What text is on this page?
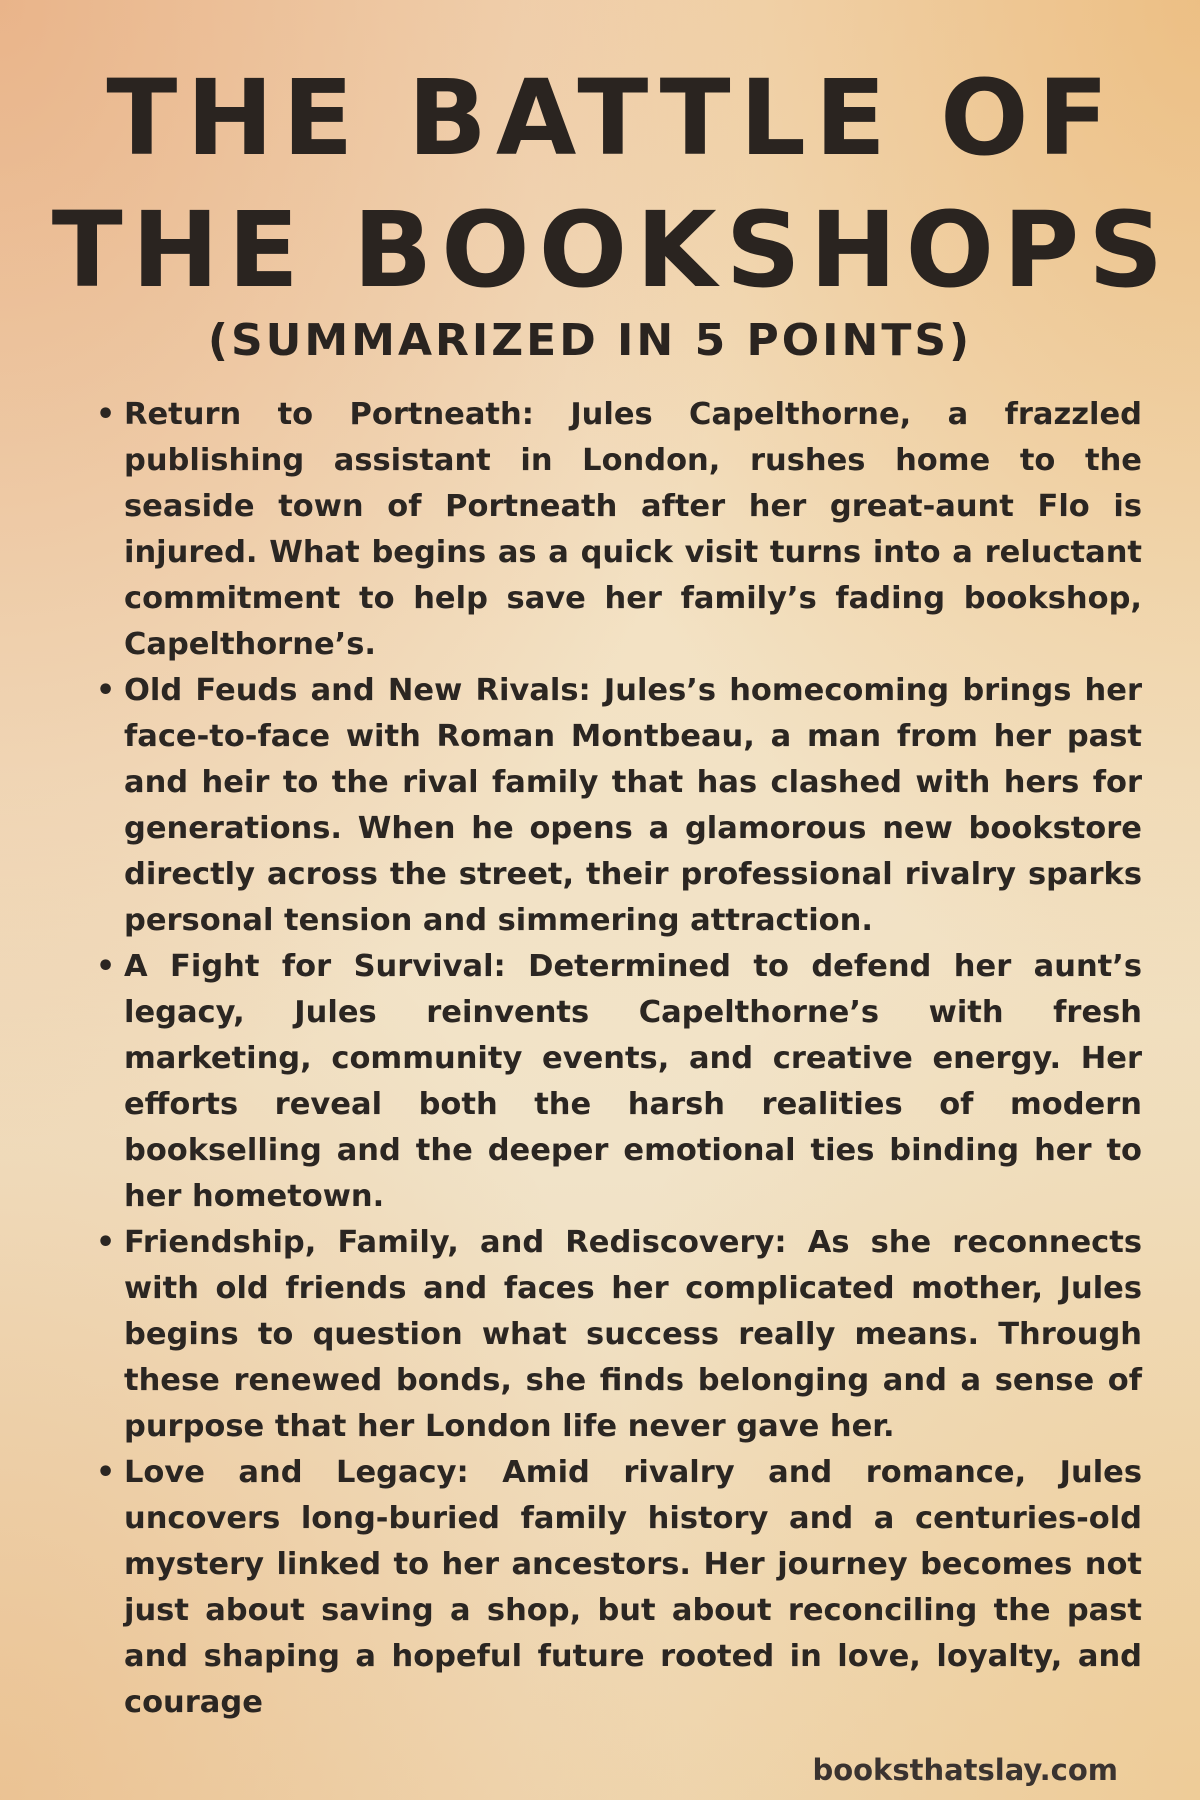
THE BATTLE OF
THE BOOKSHOPS
(SUMMARIZED IN 5 POINTS)
• Return to Portneath: Jules Capelthorne, a frazzled publishing assistant in London, rushes home to the seaside town of Portneath after her great-aunt Flo is injured. What begins as a quick visit turns into a reluctant commitment to help save her family’s fading bookshop, Capelthorne’s.
• Old Feuds and New Rivals: Jules’s homecoming brings her face-to-face with Roman Montbeau, a man from her past and heir to the rival family that has clashed with hers for generations. When he opens a glamorous new bookstore directly across the street, their professional rivalry sparks personal tension and simmering attraction.
• A Fight for Survival: Determined to defend her aunt’s legacy, Jules reinvents Capelthorne’s with fresh marketing, community events, and creative energy. Her efforts reveal both the harsh realities of modern bookselling and the deeper emotional ties binding her to her hometown.
• Friendship, Family, and Rediscovery: As she reconnects with old friends and faces her complicated mother, Jules begins to question what success really means. Through these renewed bonds, she finds belonging and a sense of purpose that her London life never gave her.
• Love and Legacy: Amid rivalry and romance, Jules uncovers long-buried family history and a centuries-old mystery linked to her ancestors. Her journey becomes not just about saving a shop, but about reconciling the past and shaping a hopeful future rooted in love, loyalty, and courage
booksthatslay.com
